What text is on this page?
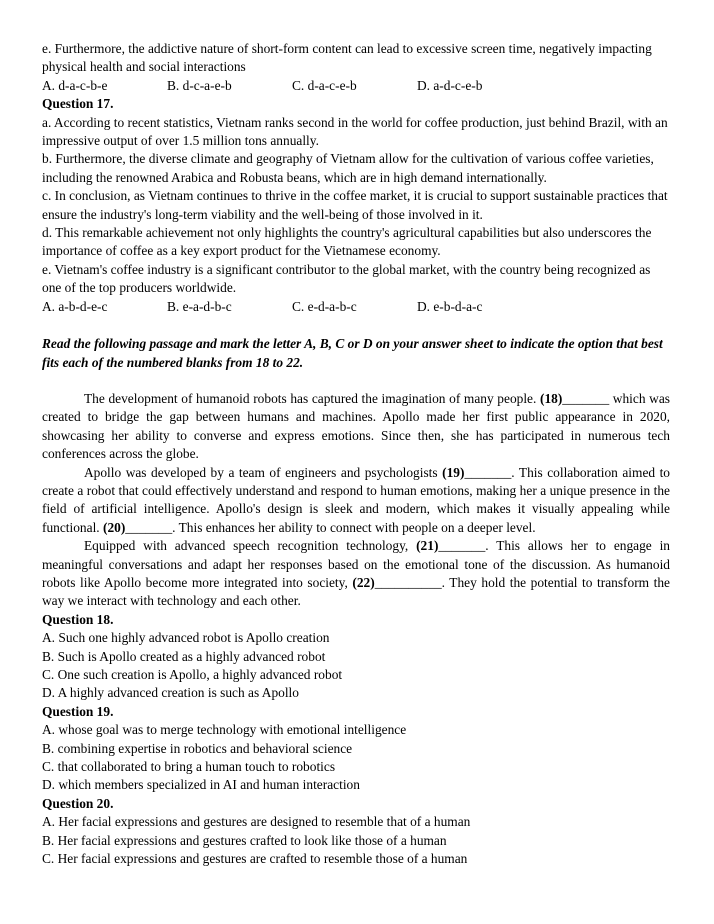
e. Furthermore, the addictive nature of short-form content can lead to excessive screen time, negatively impacting physical health and social interactions

A. d-a-c-b-e	B. d-c-a-e-b	C. d-a-c-e-b	D. a-d-c-e-b

Question 17.

a. According to recent statistics, Vietnam ranks second in the world for coffee production, just behind Brazil, with an impressive output of over 1.5 million tons annually.

b. Furthermore, the diverse climate and geography of Vietnam allow for the cultivation of various coffee varieties, including the renowned Arabica and Robusta beans, which are in high demand internationally.

c. In conclusion, as Vietnam continues to thrive in the coffee market, it is crucial to support sustainable practices that ensure the industry's long-term viability and the well-being of those involved in it.

d. This remarkable achievement not only highlights the country's agricultural capabilities but also underscores the importance of coffee as a key export product for the Vietnamese economy.

e. Vietnam's coffee industry is a significant contributor to the global market, with the country being recognized as one of the top producers worldwide.

A. a-b-d-e-c	B. e-a-d-b-c	C. e-d-a-b-c	D. e-b-d-a-c

Read the following passage and mark the letter A, B, C or D on your answer sheet to indicate the option that best fits each of the numbered blanks from 18 to 22.

The development of humanoid robots has captured the imagination of many people. (18)_______ which was created to bridge the gap between humans and machines. Apollo made her first public appearance in 2020, showcasing her ability to converse and express emotions. Since then, she has participated in numerous tech conferences across the globe.

Apollo was developed by a team of engineers and psychologists (19)_______. This collaboration aimed to create a robot that could effectively understand and respond to human emotions, making her a unique presence in the field of artificial intelligence. Apollo's design is sleek and modern, which makes it visually appealing while functional. (20)_______. This enhances her ability to connect with people on a deeper level.

Equipped with advanced speech recognition technology, (21)_______. This allows her to engage in meaningful conversations and adapt her responses based on the emotional tone of the discussion. As humanoid robots like Apollo become more integrated into society, (22)__________. They hold the potential to transform the way we interact with technology and each other.

Question 18.

A. Such one highly advanced robot is Apollo creation

B. Such is Apollo created as a highly advanced robot

C. One such creation is Apollo, a highly advanced robot

D. A highly advanced creation is such as Apollo

Question 19.

A. whose goal was to merge technology with emotional intelligence

B. combining expertise in robotics and behavioral science

C. that collaborated to bring a human touch to robotics

D. which members specialized in AI and human interaction

Question 20.

A. Her facial expressions and gestures are designed to resemble that of a human

B. Her facial expressions and gestures crafted to look like those of a human

C. Her facial expressions and gestures are crafted to resemble those of a human
